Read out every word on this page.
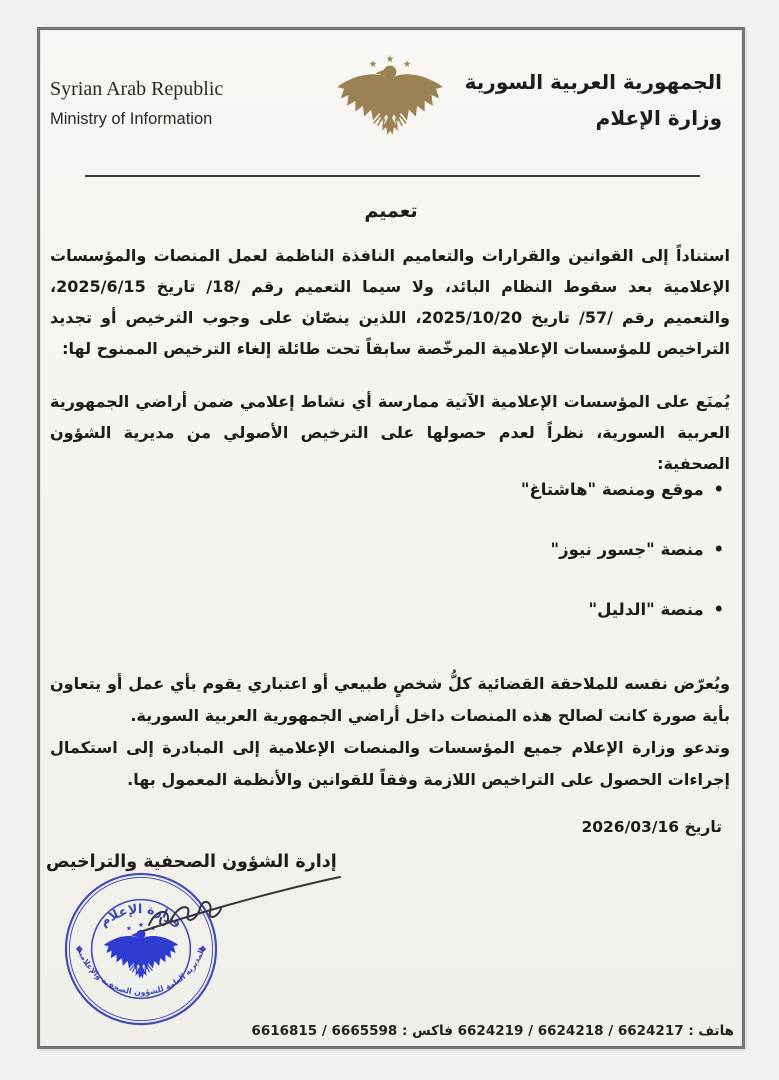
Syrian Arab Republic
Ministry of Information
الجمهورية العربية السورية
وزارة الإعلام
تعميم

استناداً إلى القوانين والقرارات والتعاميم النافذة الناظمة لعمل المنصات والمؤسسات الإعلامية بعد سقوط النظام البائد، ولا سيما التعميم رقم /18/ تاريخ 2025/6/15، والتعميم رقم /57/ تاريخ 2025/10/20، اللذين ينصّان على وجوب الترخيص أو تجديد التراخيص للمؤسسات الإعلامية المرخّصة سابقاً تحت طائلة إلغاء الترخيص الممنوح لها:

يُمنَع على المؤسسات الإعلامية الآتية ممارسة أي نشاط إعلامي ضمن أراضي الجمهورية العربية السورية، نظراً لعدم حصولها على الترخيص الأصولي من مديرية الشؤون الصحفية:

• موقع ومنصة "هاشتاغ"
• منصة "جسور نيوز"
• منصة "الدليل"

ويُعرّض نفسه للملاحقة القضائية كلُّ شخصٍ طبيعي أو اعتباري يقوم بأي عمل أو يتعاون بأية صورة كانت لصالح هذه المنصات داخل أراضي الجمهورية العربية السورية.

وتدعو وزارة الإعلام جميع المؤسسات والمنصات الإعلامية إلى المبادرة إلى استكمال إجراءات الحصول على التراخيص اللازمة وفقاً للقوانين والأنظمة المعمول بها.

تاريخ 2026/03/16
إدارة الشؤون الصحفية والتراخيص
وزارة الإعلام
المديرية العامة للشؤون الصحفية والإعلامية
هاتف : 6624217 / 6624218 / 6624219 فاكس : 6665598 / 6616815
